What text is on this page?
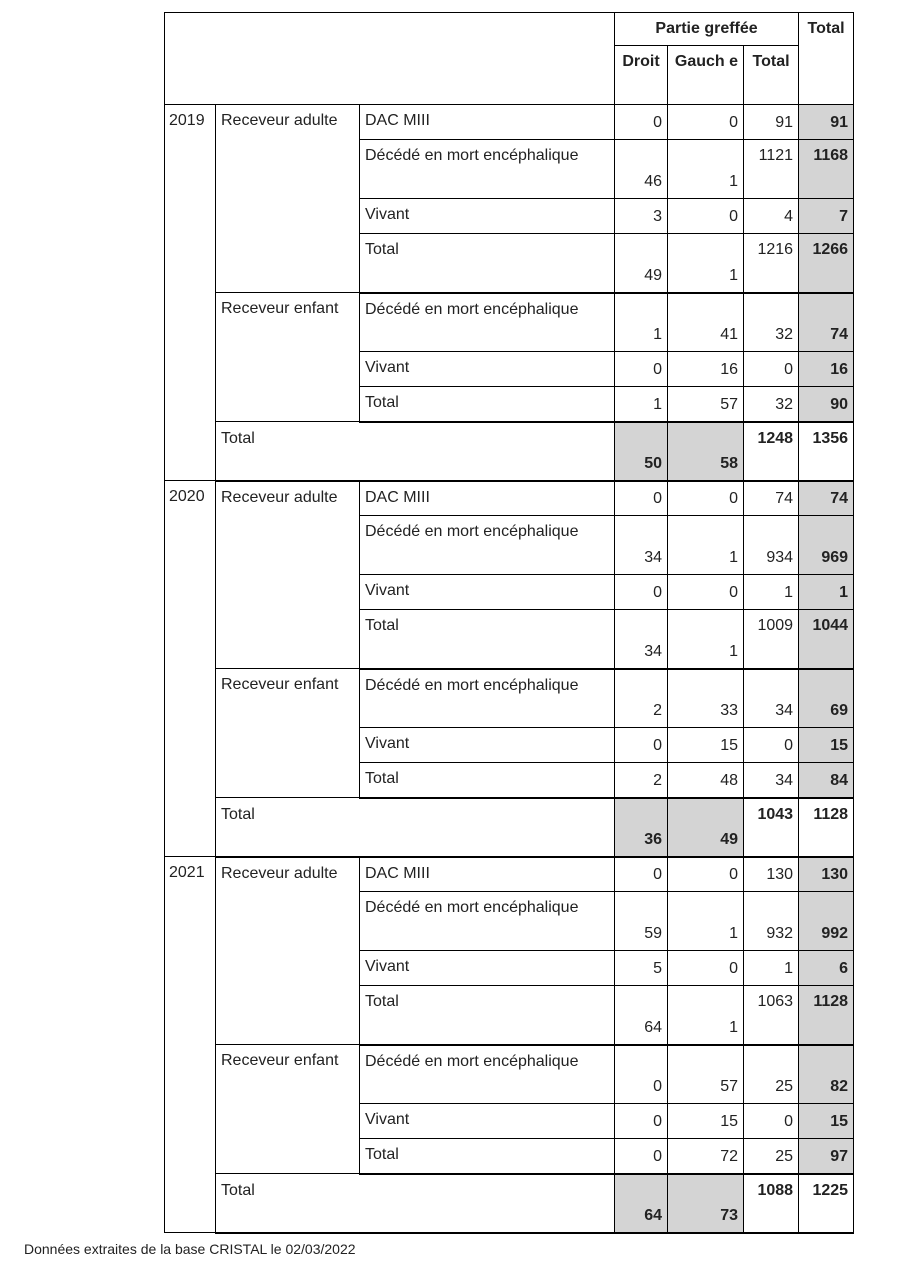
			Partie greffée			Total
			Droit	Gauch e	Total	
2019	Receveur adulte	DAC MIII	0	0	91	91
		Décédé en mort encéphalique	46	1	1121	1168
		Vivant	3	0	4	7
		Total	49	1	1216	1266
	Receveur enfant	Décédé en mort encéphalique	1	41	32	74
		Vivant	0	16	0	16
		Total	1	57	32	90
	Total		50	58	1248	1356
2020	Receveur adulte	DAC MIII	0	0	74	74
		Décédé en mort encéphalique	34	1	934	969
		Vivant	0	0	1	1
		Total	34	1	1009	1044
	Receveur enfant	Décédé en mort encéphalique	2	33	34	69
		Vivant	0	15	0	15
		Total	2	48	34	84
	Total		36	49	1043	1128
2021	Receveur adulte	DAC MIII	0	0	130	130
		Décédé en mort encéphalique	59	1	932	992
		Vivant	5	0	1	6
		Total	64	1	1063	1128
	Receveur enfant	Décédé en mort encéphalique	0	57	25	82
		Vivant	0	15	0	15
		Total	0	72	25	97
	Total		64	73	1088	1225
Données extraites de la base CRISTAL le 02/03/2022
